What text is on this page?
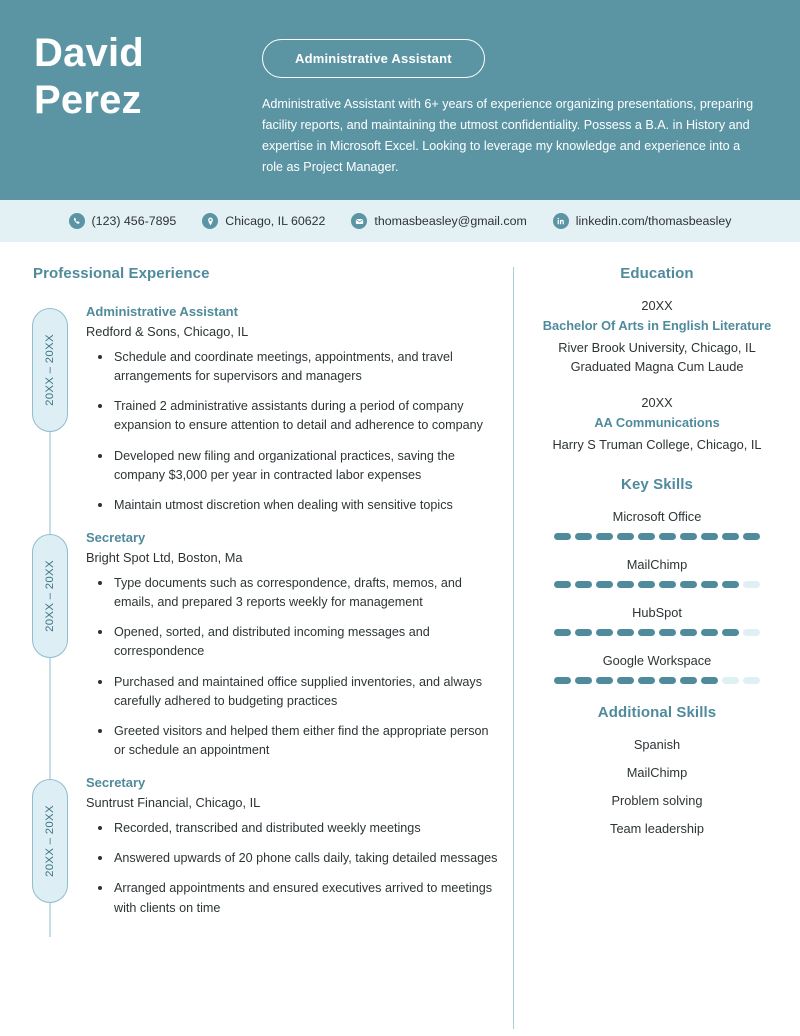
David
Perez
Administrative Assistant
Administrative Assistant with 6+ years of experience organizing presentations, preparing facility reports, and maintaining the utmost confidentiality. Possess a B.A. in History and expertise in Microsoft Excel. Looking to leverage my knowledge and experience into a role as Project Manager.
(123) 456-7895	Chicago, IL 60622	thomasbeasley@gmail.com	linkedin.com/thomasbeasley
Professional Experience
20XX – 20XX
Administrative Assistant
Redford & Sons, Chicago, IL
Schedule and coordinate meetings, appointments, and travel arrangements for supervisors and managers
Trained 2 administrative assistants during a period of company expansion to ensure attention to detail and adherence to company
Developed new filing and organizational practices, saving the company $3,000 per year in contracted labor expenses
Maintain utmost discretion when dealing with sensitive topics
20XX – 20XX
Secretary
Bright Spot Ltd, Boston, Ma
Type documents such as correspondence, drafts, memos, and emails, and prepared 3 reports weekly for management
Opened, sorted, and distributed incoming messages and correspondence
Purchased and maintained office supplied inventories, and always carefully adhered to budgeting practices
Greeted visitors and helped them either find the appropriate person or schedule an appointment
20XX – 20XX
Secretary
Suntrust Financial, Chicago, IL
Recorded, transcribed and distributed weekly meetings
Answered upwards of 20 phone calls daily, taking detailed messages
Arranged appointments and ensured executives arrived to meetings with clients on time
Education
20XX
Bachelor Of Arts in English Literature
River Brook University, Chicago, IL
Graduated Magna Cum Laude
20XX
AA Communications
Harry S Truman College, Chicago, IL
Key Skills
Microsoft Office
MailChimp
HubSpot
Google Workspace
Additional Skills
Spanish
MailChimp
Problem solving
Team leadership
